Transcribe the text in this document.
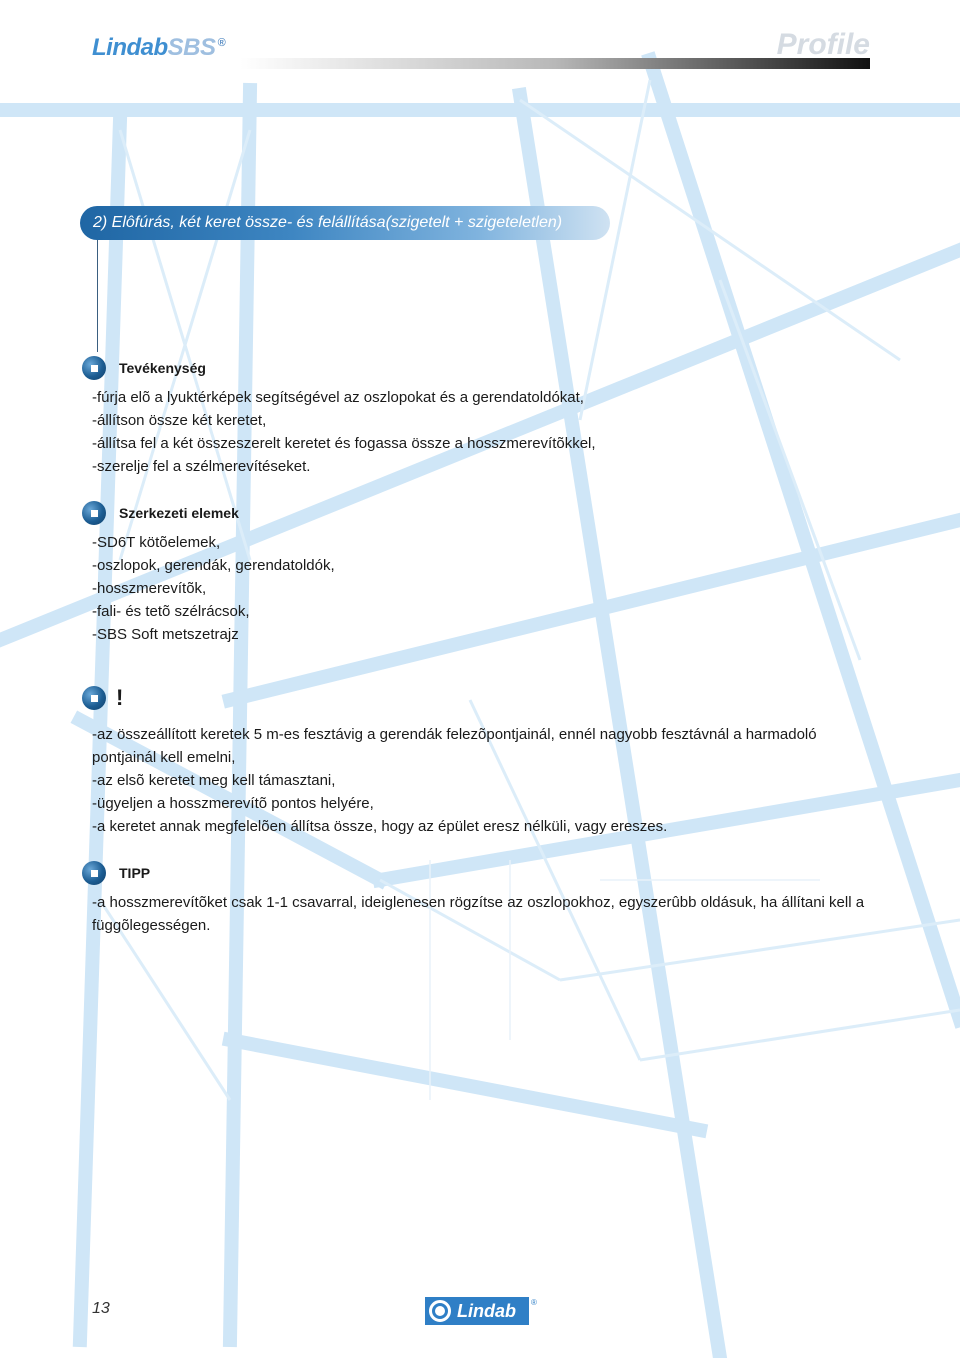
LindabSBS ®	Profile
2) Elôfúrás, két keret össze- és felállítása(szigetelt + szigeteletlen)
Tevékenység

-fúrja elõ a lyuktérképek segítségével az oszlopokat és a gerendatoldókat,

-állítson össze két keretet,

-állítsa fel a két összeszerelt keretet és fogassa össze a hosszmerevítõkkel,

-szerelje fel a szélmerevítéseket.

Szerkezeti elemek

-SD6T kötõelemek,

-oszlopok, gerendák, gerendatoldók,

-hosszmerevítõk,

-fali- és tetõ szélrácsok,

-SBS Soft metszetrajz

!

-az összeállított keretek 5 m-es fesztávig a gerendák felezõpontjainál, ennél nagyobb fesztávnál a harmadoló pontjainál kell emelni,

-az elsõ keretet meg kell támasztani,

-ügyeljen a hosszmerevítõ pontos helyére,

-a keretet annak megfelelõen állítsa össze, hogy az épület eresz nélküli, vagy ereszes.

TIPP

-a hosszmerevítõket csak 1-1 csavarral, ideiglenesen rögzítse az oszlopokhoz, egyszerûbb oldásuk, ha állítani kell a függõlegességen.

13	Lindab ®
